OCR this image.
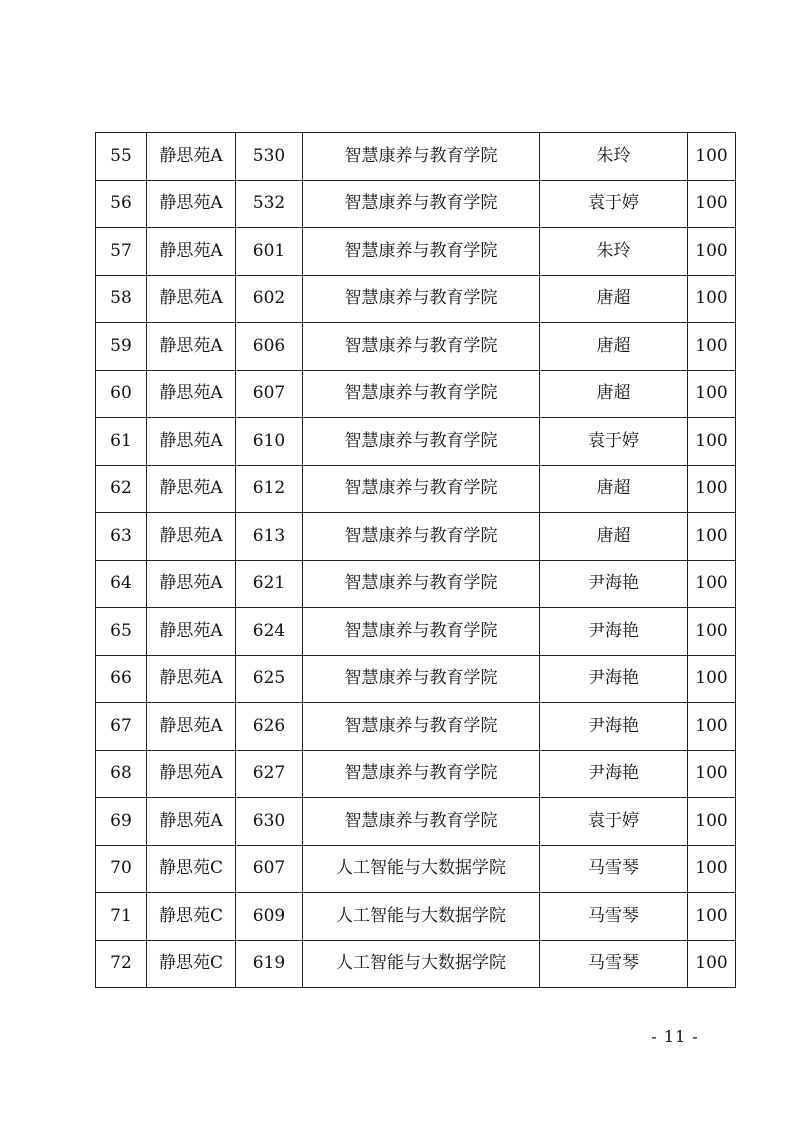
55	静思苑A	530	智慧康养与教育学院	朱玲	100
56	静思苑A	532	智慧康养与教育学院	袁于婷	100
57	静思苑A	601	智慧康养与教育学院	朱玲	100
58	静思苑A	602	智慧康养与教育学院	唐超	100
59	静思苑A	606	智慧康养与教育学院	唐超	100
60	静思苑A	607	智慧康养与教育学院	唐超	100
61	静思苑A	610	智慧康养与教育学院	袁于婷	100
62	静思苑A	612	智慧康养与教育学院	唐超	100
63	静思苑A	613	智慧康养与教育学院	唐超	100
64	静思苑A	621	智慧康养与教育学院	尹海艳	100
65	静思苑A	624	智慧康养与教育学院	尹海艳	100
66	静思苑A	625	智慧康养与教育学院	尹海艳	100
67	静思苑A	626	智慧康养与教育学院	尹海艳	100
68	静思苑A	627	智慧康养与教育学院	尹海艳	100
69	静思苑A	630	智慧康养与教育学院	袁于婷	100
70	静思苑C	607	人工智能与大数据学院	马雪琴	100
71	静思苑C	609	人工智能与大数据学院	马雪琴	100
72	静思苑C	619	人工智能与大数据学院	马雪琴	100
- 11 -
